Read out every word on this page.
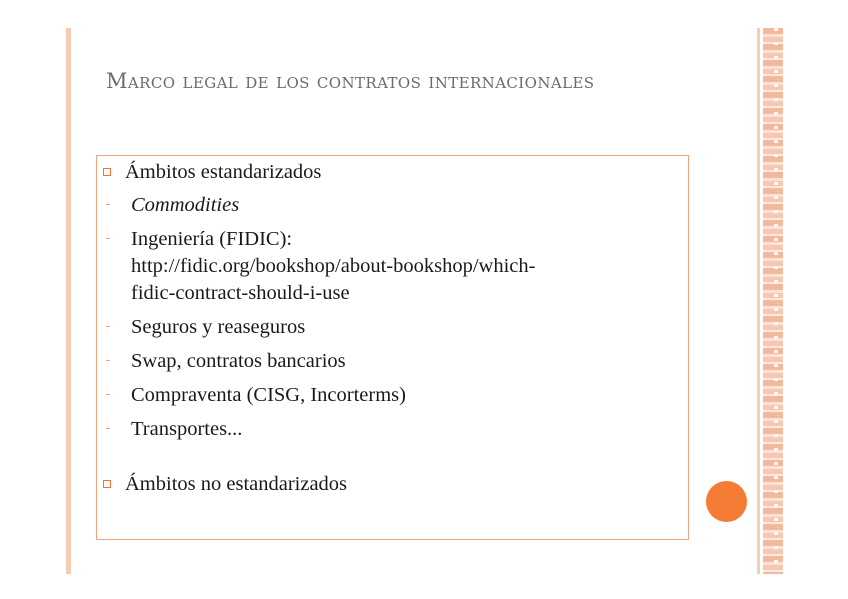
Marco legal de los contratos internacionales
Ámbitos estandarizados
Commodities
Ingeniería (FIDIC):
http://fidic.org/bookshop/about-bookshop/which-
fidic-contract-should-i-use
Seguros y reaseguros
Swap, contratos bancarios
Compraventa (CISG, Incorterms)
Transportes...
Ámbitos no estandarizados
